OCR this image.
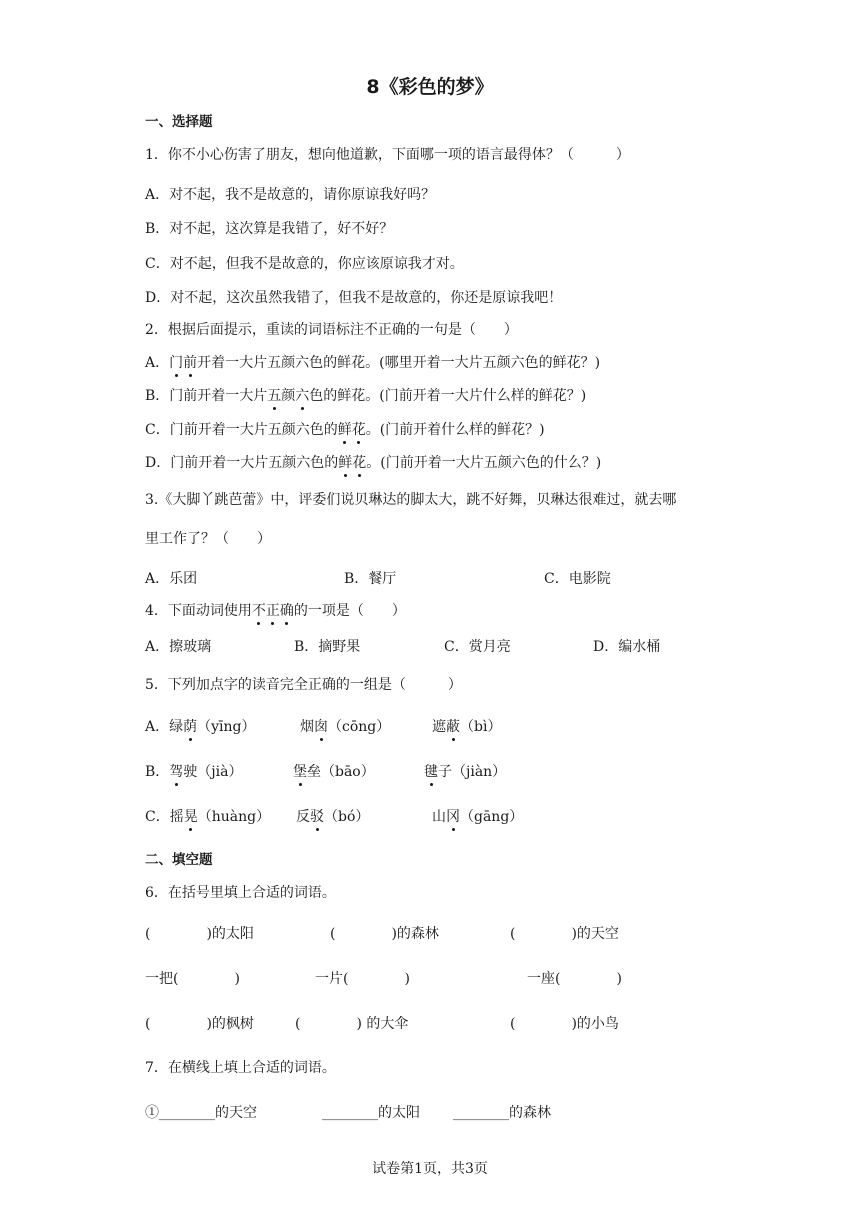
8《彩色的梦》
一、选择题
1．你不小心伤害了朋友，想向他道歉，下面哪一项的语言最得体？（　　　）
A．对不起，我不是故意的，请你原谅我好吗？
B．对不起，这次算是我错了，好不好？
C．对不起，但我不是故意的，你应该原谅我才对。
D．对不起，这次虽然我错了，但我不是故意的，你还是原谅我吧！
2．根据后面提示，重读的词语标注不正确的一句是（　　）
A．门前开着一大片五颜六色的鲜花。(哪里开着一大片五颜六色的鲜花？)
B．门前开着一大片五颜六色的鲜花。(门前开着一大片什么样的鲜花？)
C．门前开着一大片五颜六色的鲜花。(门前开着什么样的鲜花？)
D．门前开着一大片五颜六色的鲜花。(门前开着一大片五颜六色的什么？)
3.《大脚丫跳芭蕾》中，评委们说贝琳达的脚太大，跳不好舞，贝琳达很难过，就去哪
里工作了？（　　）
A．乐团	B．餐厅	C．电影院
4．下面动词使用不正确的一项是（　　）
A．擦玻璃	B．摘野果	C．赏月亮	D．编水桶
5．下列加点字的读音完全正确的一组是（　　　）
A．绿荫（yīng）	烟囱（cōng）	遮蔽（bì）
B．驾驶（jià）	堡垒（bāo）	毽子（jiàn）
C．摇晃（huàng） 反驳（bó）	山冈（gāng）
二、填空题
6．在括号里填上合适的词语。
(　　　　)的太阳	(　　　　)的森林	(　　　　)的天空
一把(　　　　)	一片(　　　　)	一座(　　　　)
(　　　　)的枫树	(　　　　) 的大伞	(　　　　)的小鸟
7．在横线上填上合适的词语。
①________的天空	________的太阳 ________的森林
试卷第1页，共3页
